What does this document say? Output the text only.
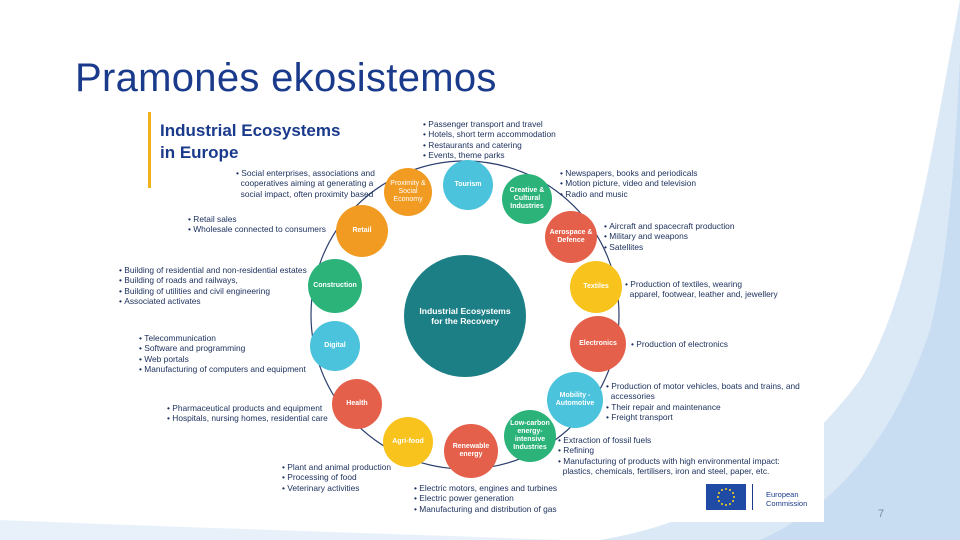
Pramonės ekosistemos
Industrial Ecosystems
in Europe
Tourism
Creative & Cultural Industries
Aerospace & Defence
Textiles
Electronics
Mobility - Automotive
Low-carbon energy-intensive Industries
Renewable energy
Agri-food
Health
Digital
Construction
Retail
Proximity & Social Economy
Industrial Ecosystems for the Recovery
• Passenger transport and travel
• Hotels, short term accommodation
• Restaurants and catering
• Events, theme parks
• Newspapers, books and periodicals
• Motion picture, video and television
• Radio and music
• Aircraft and spacecraft production
• Military and weapons
• Satellites
• Production of textiles, wearing
apparel, footwear, leather and, jewellery
• Production of electronics
• Production of motor vehicles, boats and trains, and
accessories
• Their repair and maintenance
• Freight transport
• Extraction of fossil fuels
• Refining
• Manufacturing of products with high environmental impact:
plastics, chemicals, fertilisers, iron and steel, paper, etc.
• Electric motors, engines and turbines
• Electric power generation
• Manufacturing and distribution of gas
• Plant and animal production
• Processing of food
• Veterinary activities
• Pharmaceutical products and equipment
• Hospitals, nursing homes, residential care
• Telecommunication
• Software and programming
• Web portals
• Manufacturing of computers and equipment
• Building of residential and non-residential estates
• Building of roads and railways,
• Building of utilities and civil engineering
• Associated activates
• Retail sales
• Wholesale connected to consumers
• Social enterprises, associations and
cooperatives aiming at generating a
social impact, often proximity based
European
Commission
7
